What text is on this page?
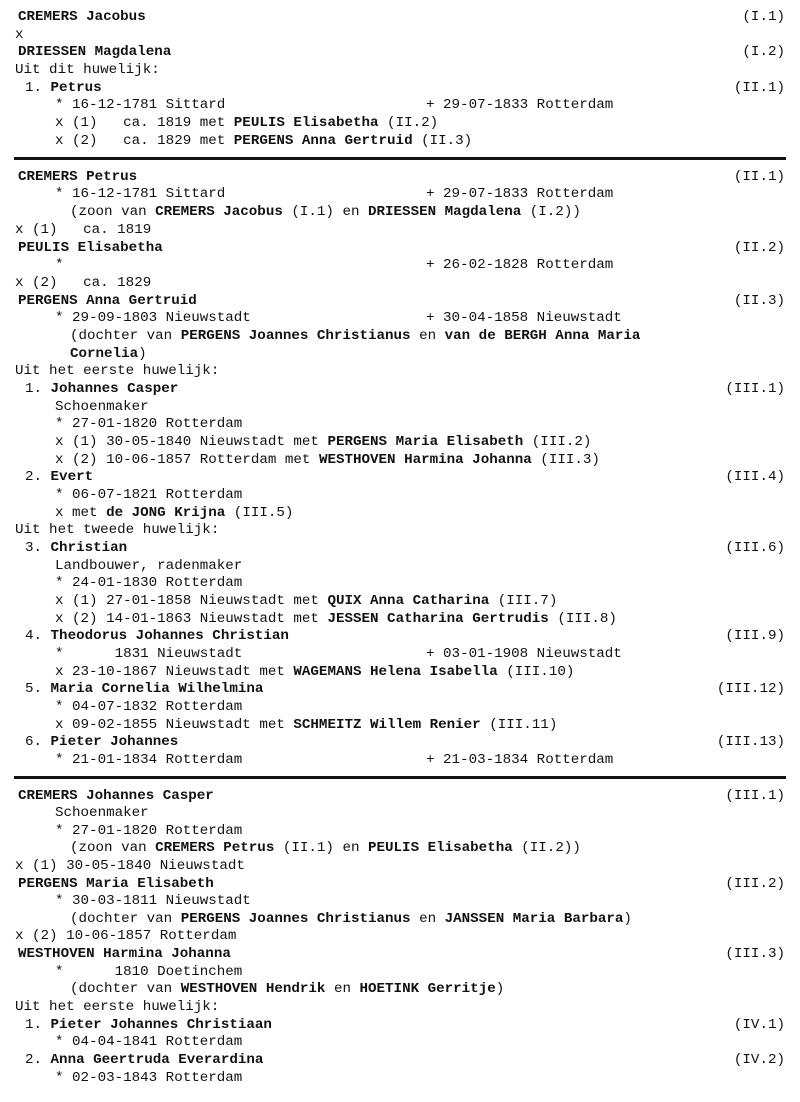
CREMERS Jacobus	(I.1)
x
DRIESSEN Magdalena	(I.2)
Uit dit huwelijk:
1. Petrus	(II.1)
* 16-12-1781 Sittard	+ 29-07-1833 Rotterdam
x (1)   ca. 1819 met PEULIS Elisabetha (II.2)
x (2)   ca. 1829 met PERGENS Anna Gertruid (II.3)
CREMERS Petrus	(II.1)
* 16-12-1781 Sittard	+ 29-07-1833 Rotterdam
(zoon van CREMERS Jacobus (I.1) en DRIESSEN Magdalena (I.2))
x (1)   ca. 1819
PEULIS Elisabetha	(II.2)
*	+ 26-02-1828 Rotterdam
x (2)   ca. 1829
PERGENS Anna Gertruid	(II.3)
* 29-09-1803 Nieuwstadt	+ 30-04-1858 Nieuwstadt
(dochter van PERGENS Joannes Christianus en van de BERGH Anna Maria
Cornelia)
Uit het eerste huwelijk:
1. Johannes Casper	(III.1)
Schoenmaker
* 27-01-1820 Rotterdam
x (1) 30-05-1840 Nieuwstadt met PERGENS Maria Elisabeth (III.2)
x (2) 10-06-1857 Rotterdam met WESTHOVEN Harmina Johanna (III.3)
2. Evert	(III.4)
* 06-07-1821 Rotterdam
x met de JONG Krijna (III.5)
Uit het tweede huwelijk:
3. Christian	(III.6)
Landbouwer, radenmaker
* 24-01-1830 Rotterdam
x (1) 27-01-1858 Nieuwstadt met QUIX Anna Catharina (III.7)
x (2) 14-01-1863 Nieuwstadt met JESSEN Catharina Gertrudis (III.8)
4. Theodorus Johannes Christian	(III.9)
*      1831 Nieuwstadt	+ 03-01-1908 Nieuwstadt
x 23-10-1867 Nieuwstadt met WAGEMANS Helena Isabella (III.10)
5. Maria Cornelia Wilhelmina	(III.12)
* 04-07-1832 Rotterdam
x 09-02-1855 Nieuwstadt met SCHMEITZ Willem Renier (III.11)
6. Pieter Johannes	(III.13)
* 21-01-1834 Rotterdam	+ 21-03-1834 Rotterdam
CREMERS Johannes Casper	(III.1)
Schoenmaker
* 27-01-1820 Rotterdam
(zoon van CREMERS Petrus (II.1) en PEULIS Elisabetha (II.2))
x (1) 30-05-1840 Nieuwstadt
PERGENS Maria Elisabeth	(III.2)
* 30-03-1811 Nieuwstadt
(dochter van PERGENS Joannes Christianus en JANSSEN Maria Barbara)
x (2) 10-06-1857 Rotterdam
WESTHOVEN Harmina Johanna	(III.3)
*      1810 Doetinchem
(dochter van WESTHOVEN Hendrik en HOETINK Gerritje)
Uit het eerste huwelijk:
1. Pieter Johannes Christiaan	(IV.1)
* 04-04-1841 Rotterdam
2. Anna Geertruda Everardina	(IV.2)
* 02-03-1843 Rotterdam
